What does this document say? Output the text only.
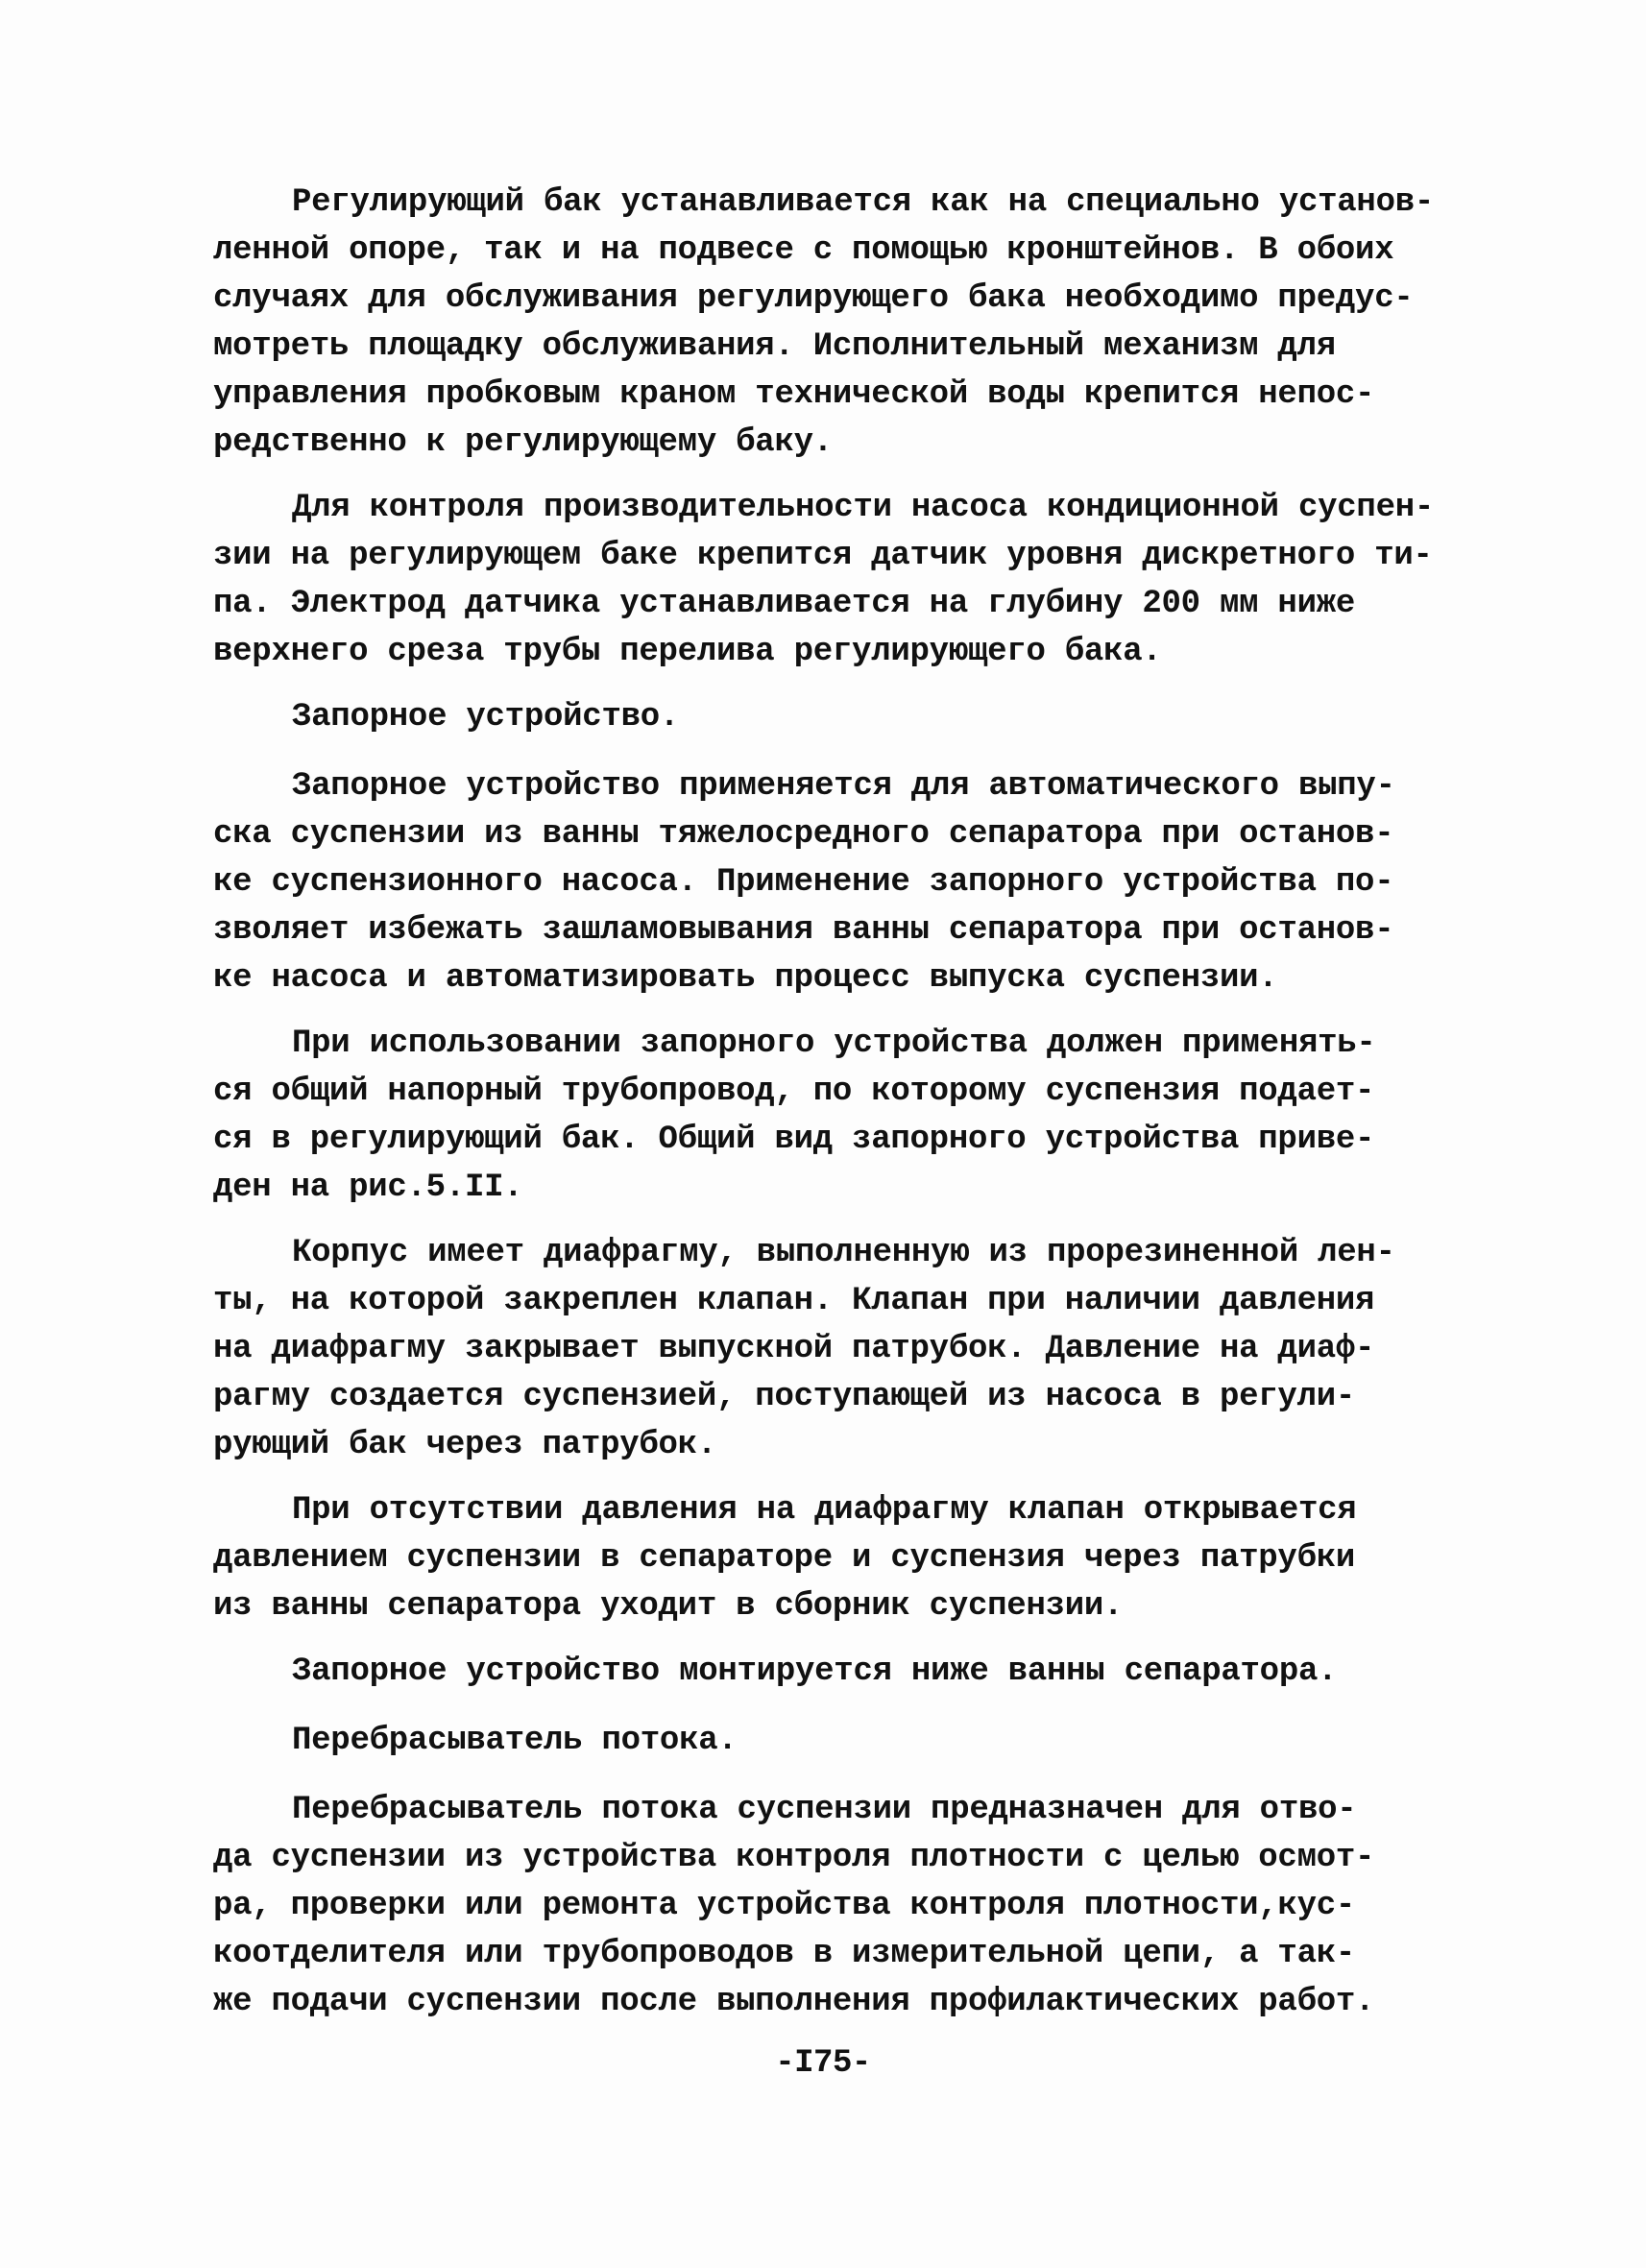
Регулирующий бак устанавливается как на специально установ-
ленной опоре, так и на подвесе с помощью кронштейнов. В обоих
случаях для обслуживания регулирующего бака необходимо предус-
мотреть площадку обслуживания. Исполнительный механизм для
управления пробковым краном технической воды крепится непос-
редственно к регулирующему баку.
Для контроля производительности насоса кондиционной суспен-
зии на регулирующем баке крепится датчик уровня дискретного ти-
па. Электрод датчика устанавливается на глубину 200 мм ниже
верхнего среза трубы перелива регулирующего бака.
Запорное устройство.
Запорное устройство применяется для автоматического выпу-
ска суспензии из ванны тяжелосредного сепаратора при останов-
ке суспензионного насоса. Применение запорного устройства по-
зволяет избежать зашламовывания ванны сепаратора при останов-
ке насоса и автоматизировать процесс выпуска суспензии.
При использовании запорного устройства должен применять-
ся общий напорный трубопровод, по которому суспензия подает-
ся в регулирующий бак. Общий вид запорного устройства приве-
ден на рис.5.II.
Корпус имеет диафрагму, выполненную из прорезиненной лен-
ты, на которой закреплен клапан. Клапан при наличии давления
на диафрагму закрывает выпускной патрубок. Давление на диаф-
рагму создается суспензией, поступающей из насоса в регули-
рующий бак через патрубок.
При отсутствии давления на диафрагму клапан открывается
давлением суспензии в сепараторе и суспензия через патрубки
из ванны сепаратора уходит в сборник суспензии.
Запорное устройство монтируется ниже ванны сепаратора.
Перебрасыватель потока.
Перебрасыватель потока суспензии предназначен для отво-
да суспензии из устройства контроля плотности с целью осмот-
ра, проверки или ремонта устройства контроля плотности,кус-
коотделителя или трубопроводов в измерительной цепи, а так-
же подачи суспензии после выполнения профилактических работ.
-I75-
